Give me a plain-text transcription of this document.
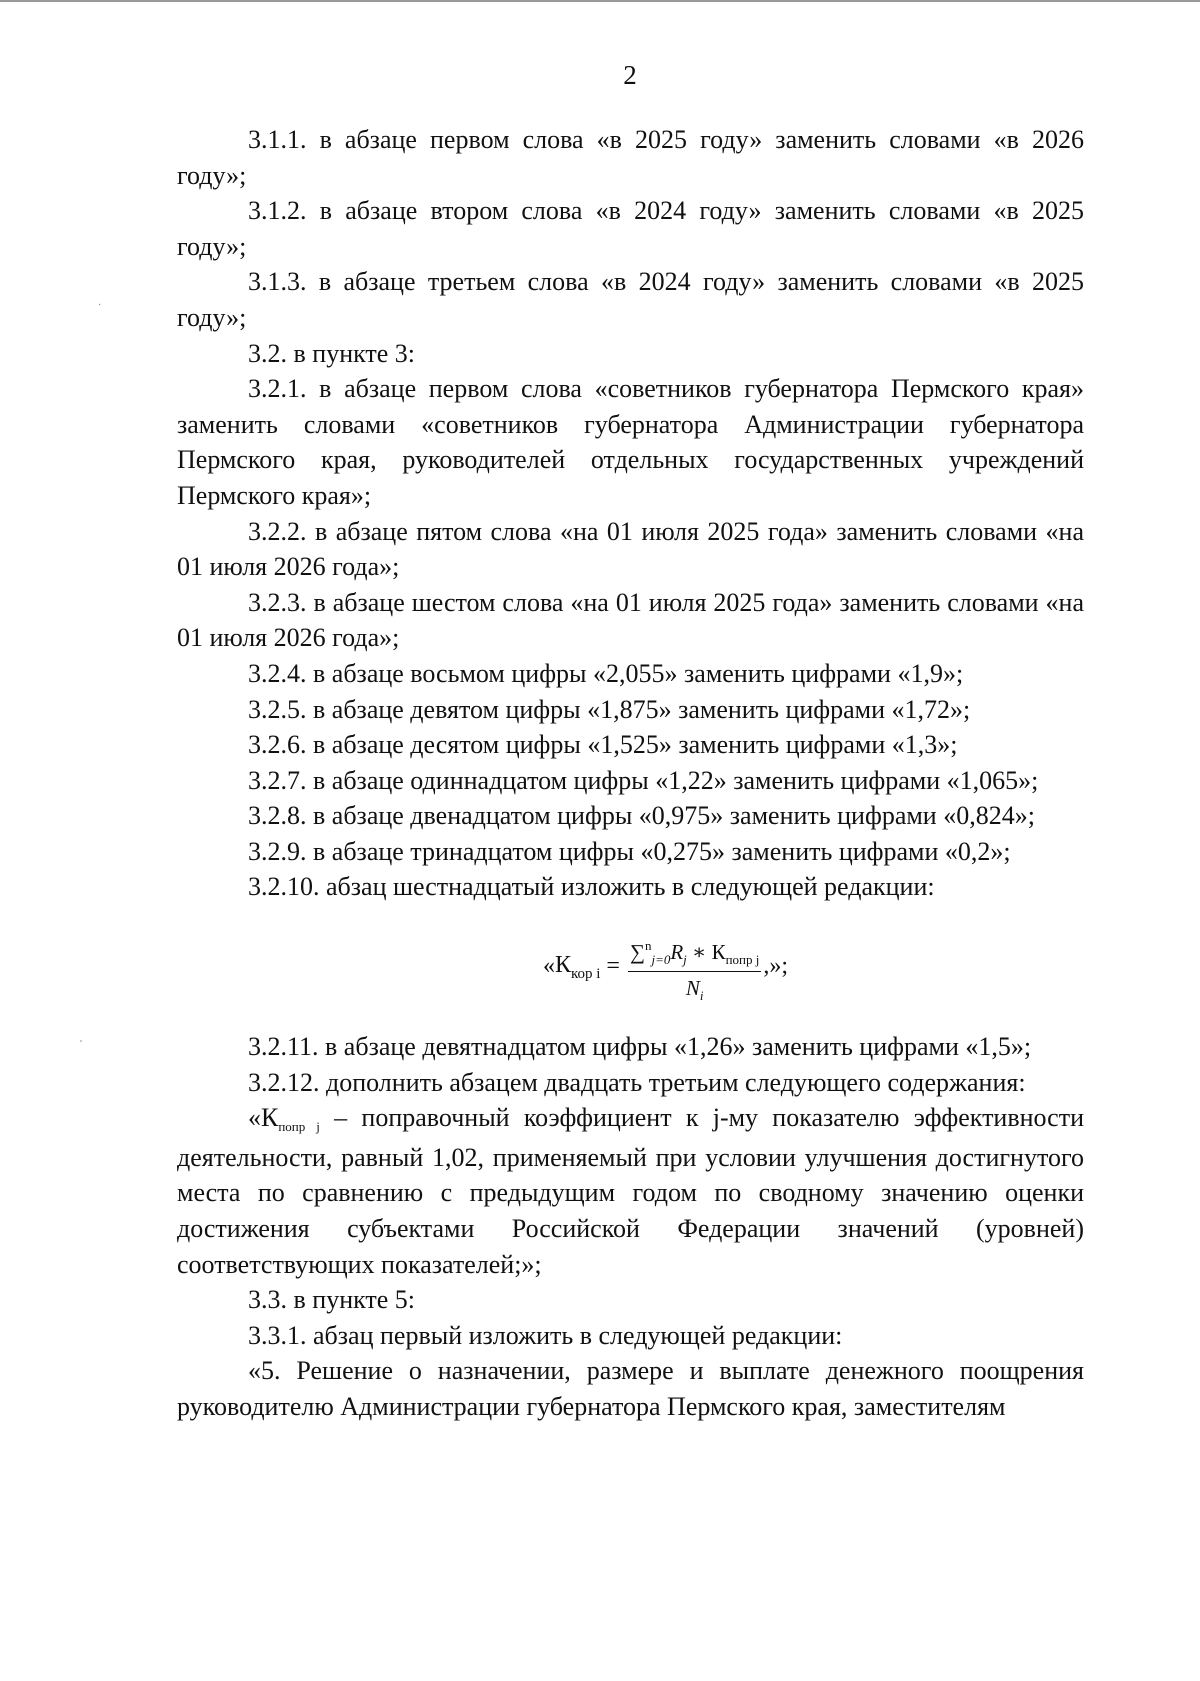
·
2

3.1.1. в абзаце первом слова «в 2025 году» заменить словами «в 2026 году»;

3.1.2. в абзаце втором слова «в 2024 году» заменить словами «в 2025 году»;

3.1.3. в абзаце третьем слова «в 2024 году» заменить словами «в 2025 году»;

3.2. в пункте 3:

3.2.1. в абзаце первом слова «советников губернатора Пермского края» заменить словами «советников губернатора Администрации губернатора Пермского края, руководителей отдельных государственных учреждений Пермского края»;

3.2.2. в абзаце пятом слова «на 01 июля 2025 года» заменить словами «на 01 июля 2026 года»;

3.2.3. в абзаце шестом слова «на 01 июля 2025 года» заменить словами «на 01 июля 2026 года»;

3.2.4. в абзаце восьмом цифры «2,055» заменить цифрами «1,9»;

3.2.5. в абзаце девятом цифры «1,875» заменить цифрами «1,72»;

3.2.6. в абзаце десятом цифры «1,525» заменить цифрами «1,3»;

3.2.7. в абзаце одиннадцатом цифры «1,22» заменить цифрами «1,065»;

3.2.8. в абзаце двенадцатом цифры «0,975» заменить цифрами «0,824»;

3.2.9. в абзаце тринадцатом цифры «0,275» заменить цифрами «0,2»;

3.2.10. абзац шестнадцатый изложить в следующей редакции:

« $К_{кор i} = \frac{\sum^n_{j=0}R_j ∗ К_{попр j}}{N_i}$ ,»;

3.2.11. в абзаце девятнадцатом цифры «1,26» заменить цифрами «1,5»;

3.2.12. дополнить абзацем двадцать третьим следующего содержания:

«Кпопр j – поправочный коэффициент к j-му показателю эффективности деятельности, равный 1,02, применяемый при условии улучшения достигнутого места по сравнению с предыдущим годом по сводному значению оценки достижения субъектами Российской Федерации значений (уровней) соответствующих показателей;»;

3.3. в пункте 5:

3.3.1. абзац первый изложить в следующей редакции:

«5. Решение о назначении, размере и выплате денежного поощрения руководителю Администрации губернатора Пермского края, заместителям
